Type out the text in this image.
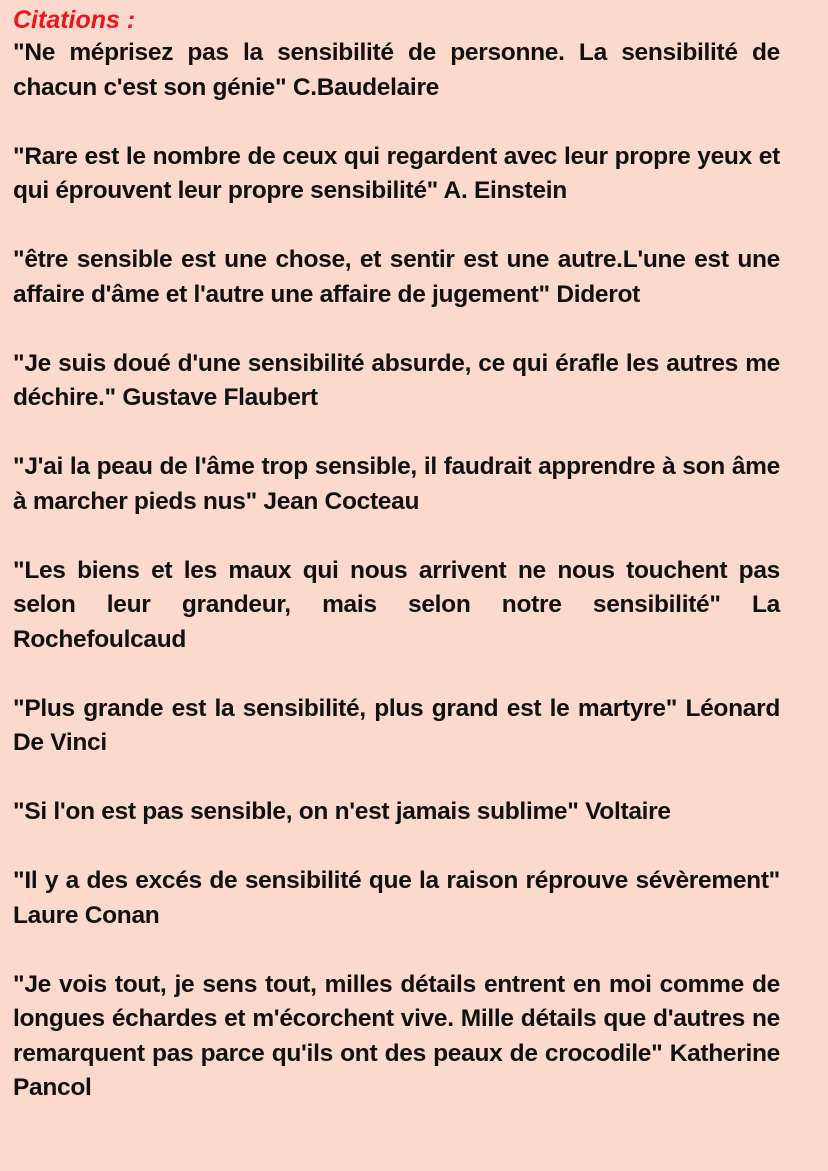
Citations :

"Ne méprisez pas la sensibilité de personne. La sensibilité de chacun c'est son génie" C.Baudelaire

"Rare est le nombre de ceux qui regardent avec leur propre yeux et qui éprouvent leur propre sensibilité" A. Einstein

"être sensible est une chose, et sentir est une autre.L'une est une affaire d'âme et l'autre une affaire de jugement" Diderot

"Je suis doué d'une sensibilité absurde, ce qui érafle les autres me déchire." Gustave Flaubert

"J'ai la peau de l'âme trop sensible, il faudrait apprendre à son âme à marcher pieds nus" Jean Cocteau

"Les biens et les maux qui nous arrivent ne nous touchent pas selon leur grandeur, mais selon notre sensibilité" La Rochefoulcaud

"Plus grande est la sensibilité, plus grand est le martyre" Léonard De Vinci

"Si l'on est pas sensible, on n'est jamais sublime" Voltaire

"Il y a des excés de sensibilité que la raison réprouve sévèrement" Laure Conan

"Je vois tout, je sens tout, milles détails entrent en moi comme de longues échardes et m'écorchent vive. Mille détails que d'autres ne remarquent pas parce qu'ils ont des peaux de crocodile" Katherine Pancol
